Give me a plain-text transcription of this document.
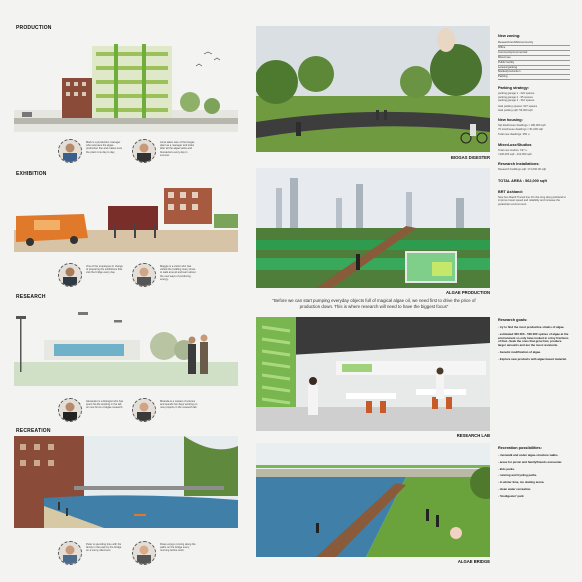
PRODUCTION
Mark is a production manager who oversees the algae production line and makes sure the plant runs day to day.
Anna takes care of the biogas plant as a manager and looks after all the algae tanks and bioreactors every day in summer.
EXHIBITION
One of the employees in charge of preparing the exhibitions that visit the bridge every day.
Maggie is a visitor who has visited the building many times to walk around and learn about the new ways of producing energy.
RESEARCH
Alexander is a biologist who has spent his life working in the lab on new forms of algae research.
Miranda is a master of science and spends her days working on new projects in the research lab.
RECREATION
Peter is spending time with his family in the park by the bridge on a sunny afternoon.
Rosie enjoys running along the paths on the bridge every morning before work.
BIOGAS DIGESTER
ALGAE PRODUCTION
"Before we can start pumping everyday objects full of magical algae oil, we need first to drive the price of production down. This is where research will need to have the biggest focus"
RESEARCH LAB
ALGAE BRIDGE
New zoning:
Research/exhibit/community
Office
Community/commercial
Mixed use
Public facility
Leisure/parking
Market/production
Parking
Parking strategy:
parking garage 1 - 222 spaces
parking garage 2 - 95 spaces
parking garage 3 - 310 spaces
total parking spaces: 627 spaces
total parking sqft: 56,000 sqft
New housing:
Sqt tiled/ocean dwellings = 180,000 sqft
70 townhouse dwellings = 81,000 sqft
Total new dwellings: 250 u.
Mixed-use/Studios
Total new studios: 197 u.
=120,000 sqft - 210,000 sqft
Research Installations:
Research buildings sqft: 171,000.00 sqft
TOTAL AREA : 562,000 sqft
BRT Ashland:
New bus Rapid Transit line 16 mile long along Ashland to improve travel speed and reliability and increase the pedestrian environment.
Research goals:
- try to find the most productive strains of algae.
- estimated 300.000 - 500.000 spicies of algae at the environment so only have looked in a tiny fractions of that...Seek the ones that grow fast, produce larger amounts and are the most resistents.
- Genetic modification of algae.
- Explore new products with algae based material.
Recreation possibilities:
- riverwalk and under algae-structure walks.
- areas for picnic and family/friends encounter.
- kids parks.
- running and Cycling paths.
- in winter time, ice skating arena.
- clean water recreation.
- 'biodigester' park
